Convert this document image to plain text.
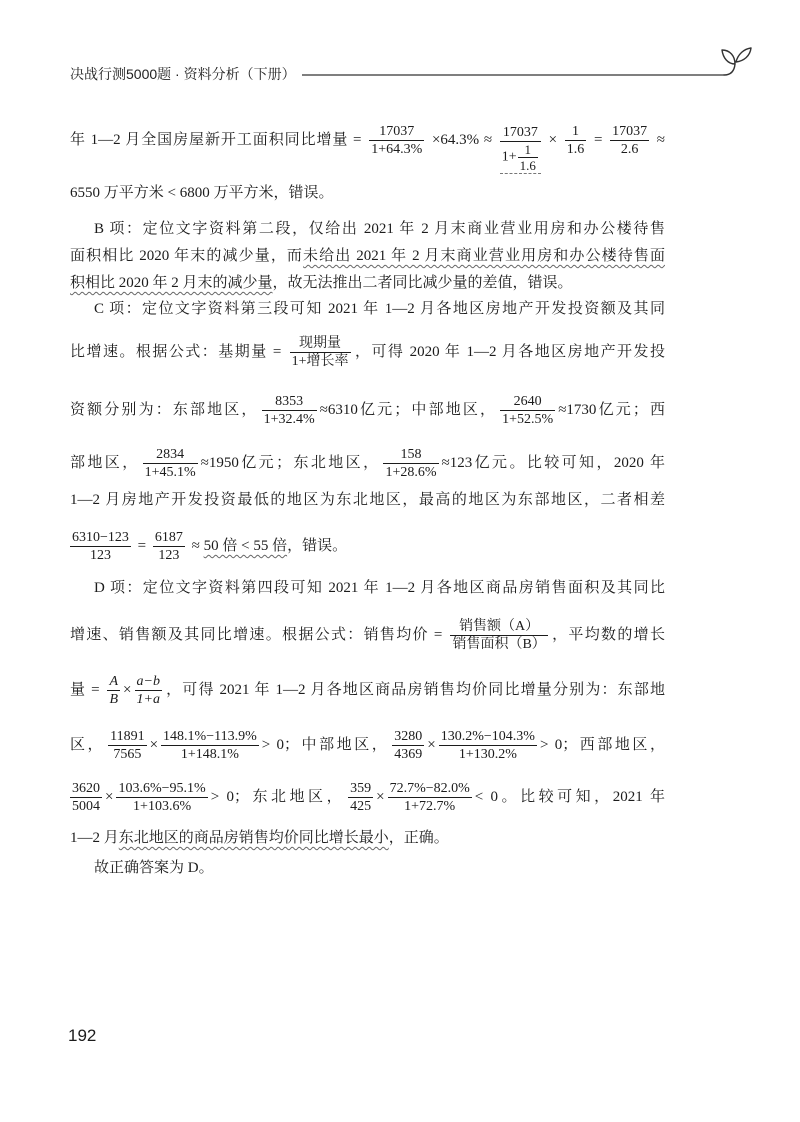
决战行测5000题 · 资料分析（下册）
年 1—2 月全国房屋新开工面积同比增量 = $\frac{17037}{1+64.3\%} \times 64.3\% \approx \frac{17037}{1+ \frac{1}{1.6}} \times \frac{1}{1.6} = \frac{17037}{2.6}$ ≈
6550 万平方米 < 6800 万平方米，错误。
B 项：定位文字资料第二段，仅给出 2021 年 2 月末商业营业用房和办公楼待售
面积相比 2020 年末的减少量，而未给出 2021 年 2 月末商业营业用房和办公楼待售面
积相比 2020 年 2 月末的减少量，故无法推出二者同比减少量的差值，错误。
C 项：定位文字资料第三段可知 2021 年 1—2 月各地区房地产开发投资额及其同
比增速。根据公式：基期量 = $\frac{\text{现期量}}{\text{1+增长率}}$ ，可得 2020 年 1—2 月各地区房地产开发投
资额分别为：东部地区， $\frac{8353}{1+32.4\%} \approx 6310$亿元；中部地区， $\frac{2640}{1+52.5\%} \approx 1730$亿元；西
部地区， $\frac{2834}{1+45.1\%} \approx 1950$亿元；东北地区， $\frac{158}{1+28.6\%} \approx 123$亿元。比较可知，2020 年
1—2 月房地产开发投资最低的地区为东北地区，最高的地区为东部地区，二者相差
$\frac{6310-123}{123} = \frac{6187}{123} \approx 50$ 倍 < 55 倍，错误。
D 项：定位文字资料第四段可知 2021 年 1—2 月各地区商品房销售面积及其同比
增速、销售额及其同比增速。根据公式：销售均价 = $\frac{\text{销售额（A）}}{\text{销售面积（B）}}$ ，平均数的增长
量 = $\frac{A}{B} \times \frac{a-b}{1+a}$ ，可得 2021 年 1—2 月各地区商品房销售均价同比增量分别为：东部地
区， $\frac{11891}{7565} \times \frac{148.1\%-113.9\%}{1+148.1\%} > 0$；中部地区， $\frac{3280}{4369} \times \frac{130.2\%-104.3\%}{1+130.2\%} > 0$；西部地区，
$\frac{3620}{5004} \times \frac{103.6\%-95.1\%}{1+103.6\%} > 0$；东北地区， $\frac{359}{425} \times \frac{72.7\%-82.0\%}{1+72.7\%} < 0$。比较可知，2021 年
1—2 月东北地区的商品房销售均价同比增长最小，正确。
故正确答案为 D。
192
